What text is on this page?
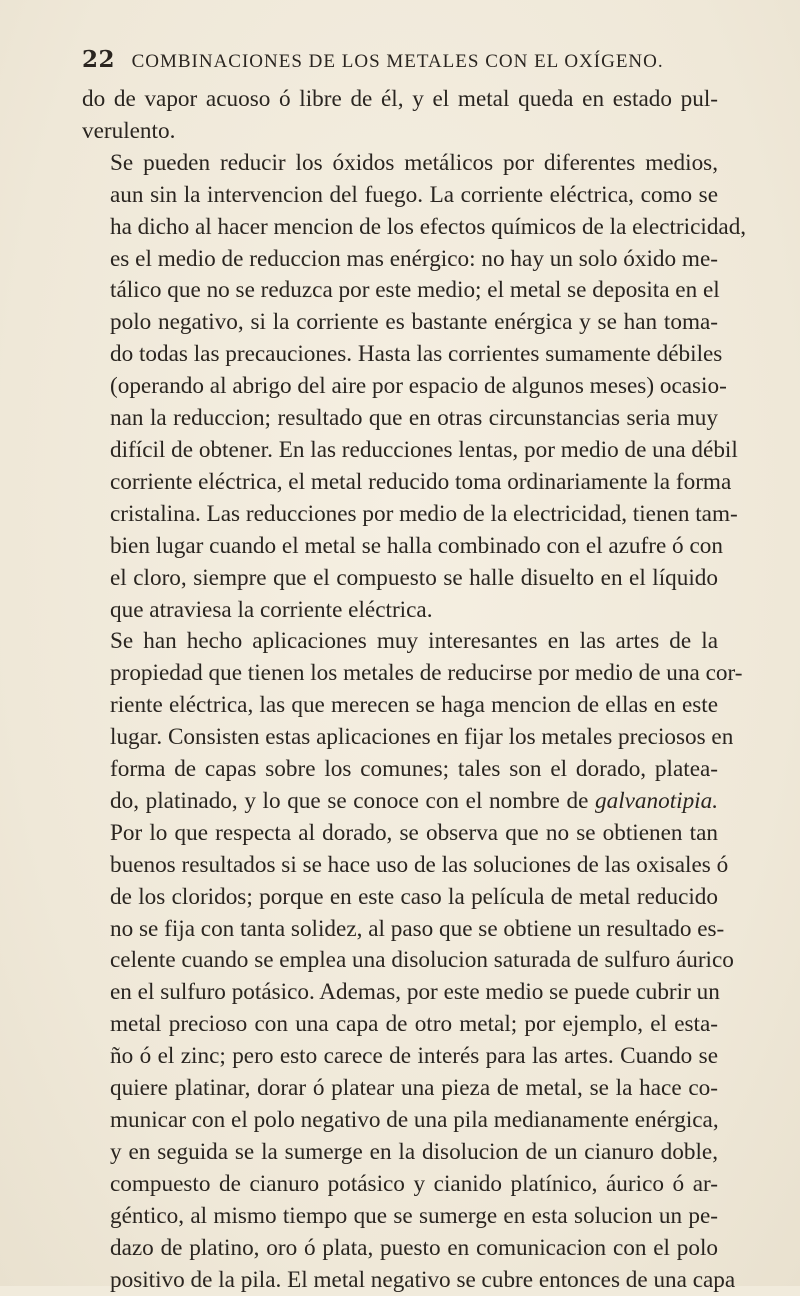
22 COMBINACIONES DE LOS METALES CON EL OXÍGENO.

do de vapor acuoso ó libre de él, y el metal queda en estado pul-
verulento.

Se pueden reducir los óxidos metálicos por diferentes medios,
aun sin la intervencion del fuego. La corriente eléctrica, como se
ha dicho al hacer mencion de los efectos químicos de la electricidad,
es el medio de reduccion mas enérgico: no hay un solo óxido me-
tálico que no se reduzca por este medio; el metal se deposita en el
polo negativo, si la corriente es bastante enérgica y se han toma-
do todas las precauciones. Hasta las corrientes sumamente débiles
(operando al abrigo del aire por espacio de algunos meses) ocasio-
nan la reduccion; resultado que en otras circunstancias seria muy
difícil de obtener. En las reducciones lentas, por medio de una débil
corriente eléctrica, el metal reducido toma ordinariamente la forma
cristalina. Las reducciones por medio de la electricidad, tienen tam-
bien lugar cuando el metal se halla combinado con el azufre ó con
el cloro, siempre que el compuesto se halle disuelto en el líquido
que atraviesa la corriente eléctrica.

Se han hecho aplicaciones muy interesantes en las artes de la
propiedad que tienen los metales de reducirse por medio de una cor-
riente eléctrica, las que merecen se haga mencion de ellas en este
lugar. Consisten estas aplicaciones en fijar los metales preciosos en
forma de capas sobre los comunes; tales son el dorado, platea-
do, platinado, y lo que se conoce con el nombre de galvanotipia.
Por lo que respecta al dorado, se observa que no se obtienen tan
buenos resultados si se hace uso de las soluciones de las oxisales ó
de los cloridos; porque en este caso la película de metal reducido
no se fija con tanta solidez, al paso que se obtiene un resultado es-
celente cuando se emplea una disolucion saturada de sulfuro áurico
en el sulfuro potásico. Ademas, por este medio se puede cubrir un
metal precioso con una capa de otro metal; por ejemplo, el esta-
ño ó el zinc; pero esto carece de interés para las artes. Cuando se
quiere platinar, dorar ó platear una pieza de metal, se la hace co-
municar con el polo negativo de una pila medianamente enérgica,
y en seguida se la sumerge en la disolucion de un cianuro doble,
compuesto de cianuro potásico y cianido platínico, áurico ó ar-
géntico, al mismo tiempo que se sumerge en esta solucion un pe-
dazo de platino, oro ó plata, puesto en comunicacion con el polo
positivo de la pila. El metal negativo se cubre entonces de una capa
